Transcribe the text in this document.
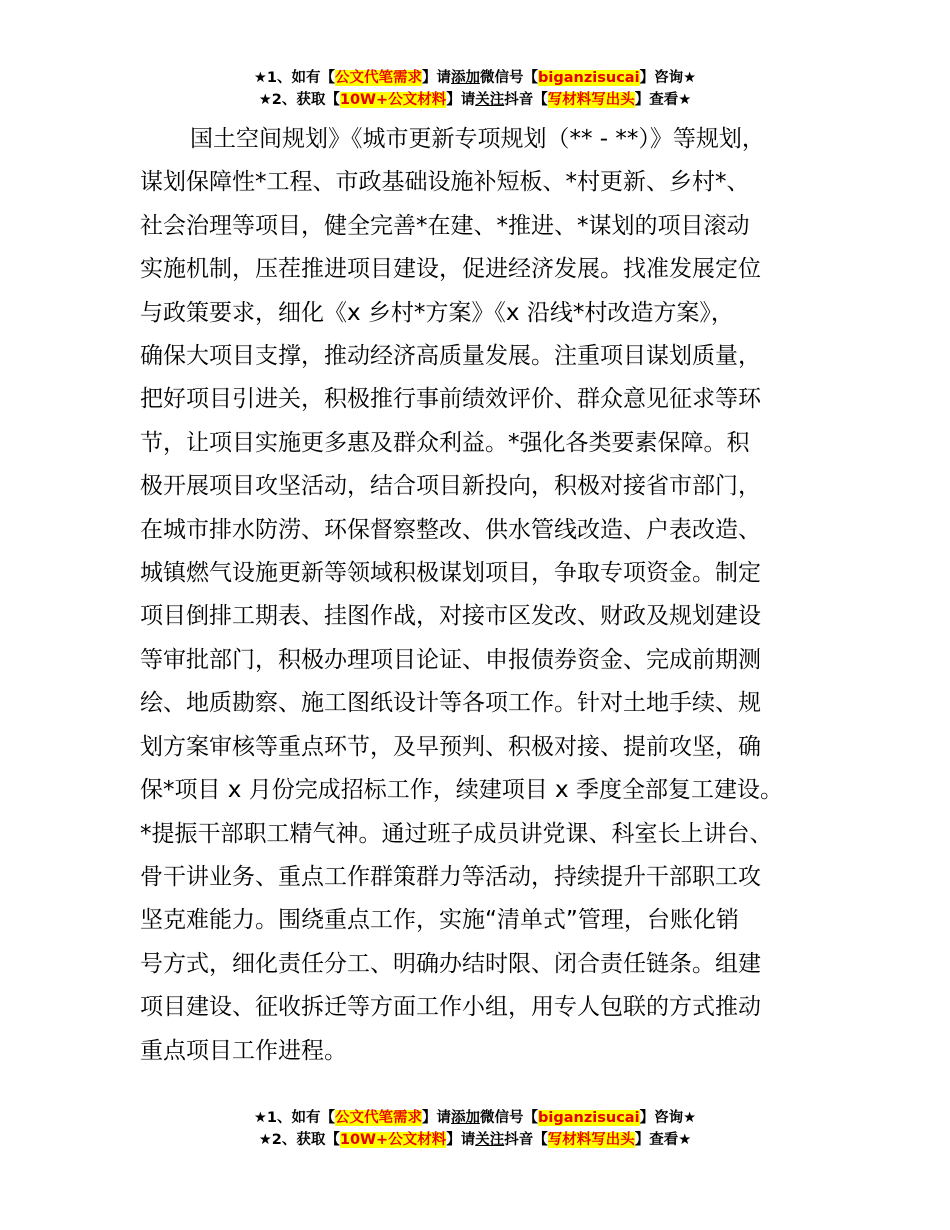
★1、如有【公文代笔需求】请添加微信号【biganzisucai】咨询★
★2、获取【10W+公文材料】请关注抖音【写材料写出头】查看★
国土空间规划》《城市更新专项规划（** - **）》等规划，
谋划保障性*工程、市政基础设施补短板、*村更新、乡村*、
社会治理等项目，健全完善*在建、*推进、*谋划的项目滚动
实施机制，压茬推进项目建设，促进经济发展。找准发展定位
与政策要求，细化《x 乡村*方案》《x 沿线*村改造方案》，
确保大项目支撑，推动经济高质量发展。注重项目谋划质量，
把好项目引进关，积极推行事前绩效评价、群众意见征求等环
节，让项目实施更多惠及群众利益。*强化各类要素保障。积
极开展项目攻坚活动，结合项目新投向，积极对接省市部门，
在城市排水防涝、环保督察整改、供水管线改造、户表改造、
城镇燃气设施更新等领域积极谋划项目，争取专项资金。制定
项目倒排工期表、挂图作战，对接市区发改、财政及规划建设
等审批部门，积极办理项目论证、申报债券资金、完成前期测
绘、地质勘察、施工图纸设计等各项工作。针对土地手续、规
划方案审核等重点环节，及早预判、积极对接、提前攻坚，确
保*项目 x 月份完成招标工作，续建项目 x 季度全部复工建设。
*提振干部职工精气神。通过班子成员讲党课、科室长上讲台、
骨干讲业务、重点工作群策群力等活动，持续提升干部职工攻
坚克难能力。围绕重点工作，实施“清单式”管理，台账化销
号方式，细化责任分工、明确办结时限、闭合责任链条。组建
项目建设、征收拆迁等方面工作小组，用专人包联的方式推动
重点项目工作进程。
★1、如有【公文代笔需求】请添加微信号【biganzisucai】咨询★
★2、获取【10W+公文材料】请关注抖音【写材料写出头】查看★
